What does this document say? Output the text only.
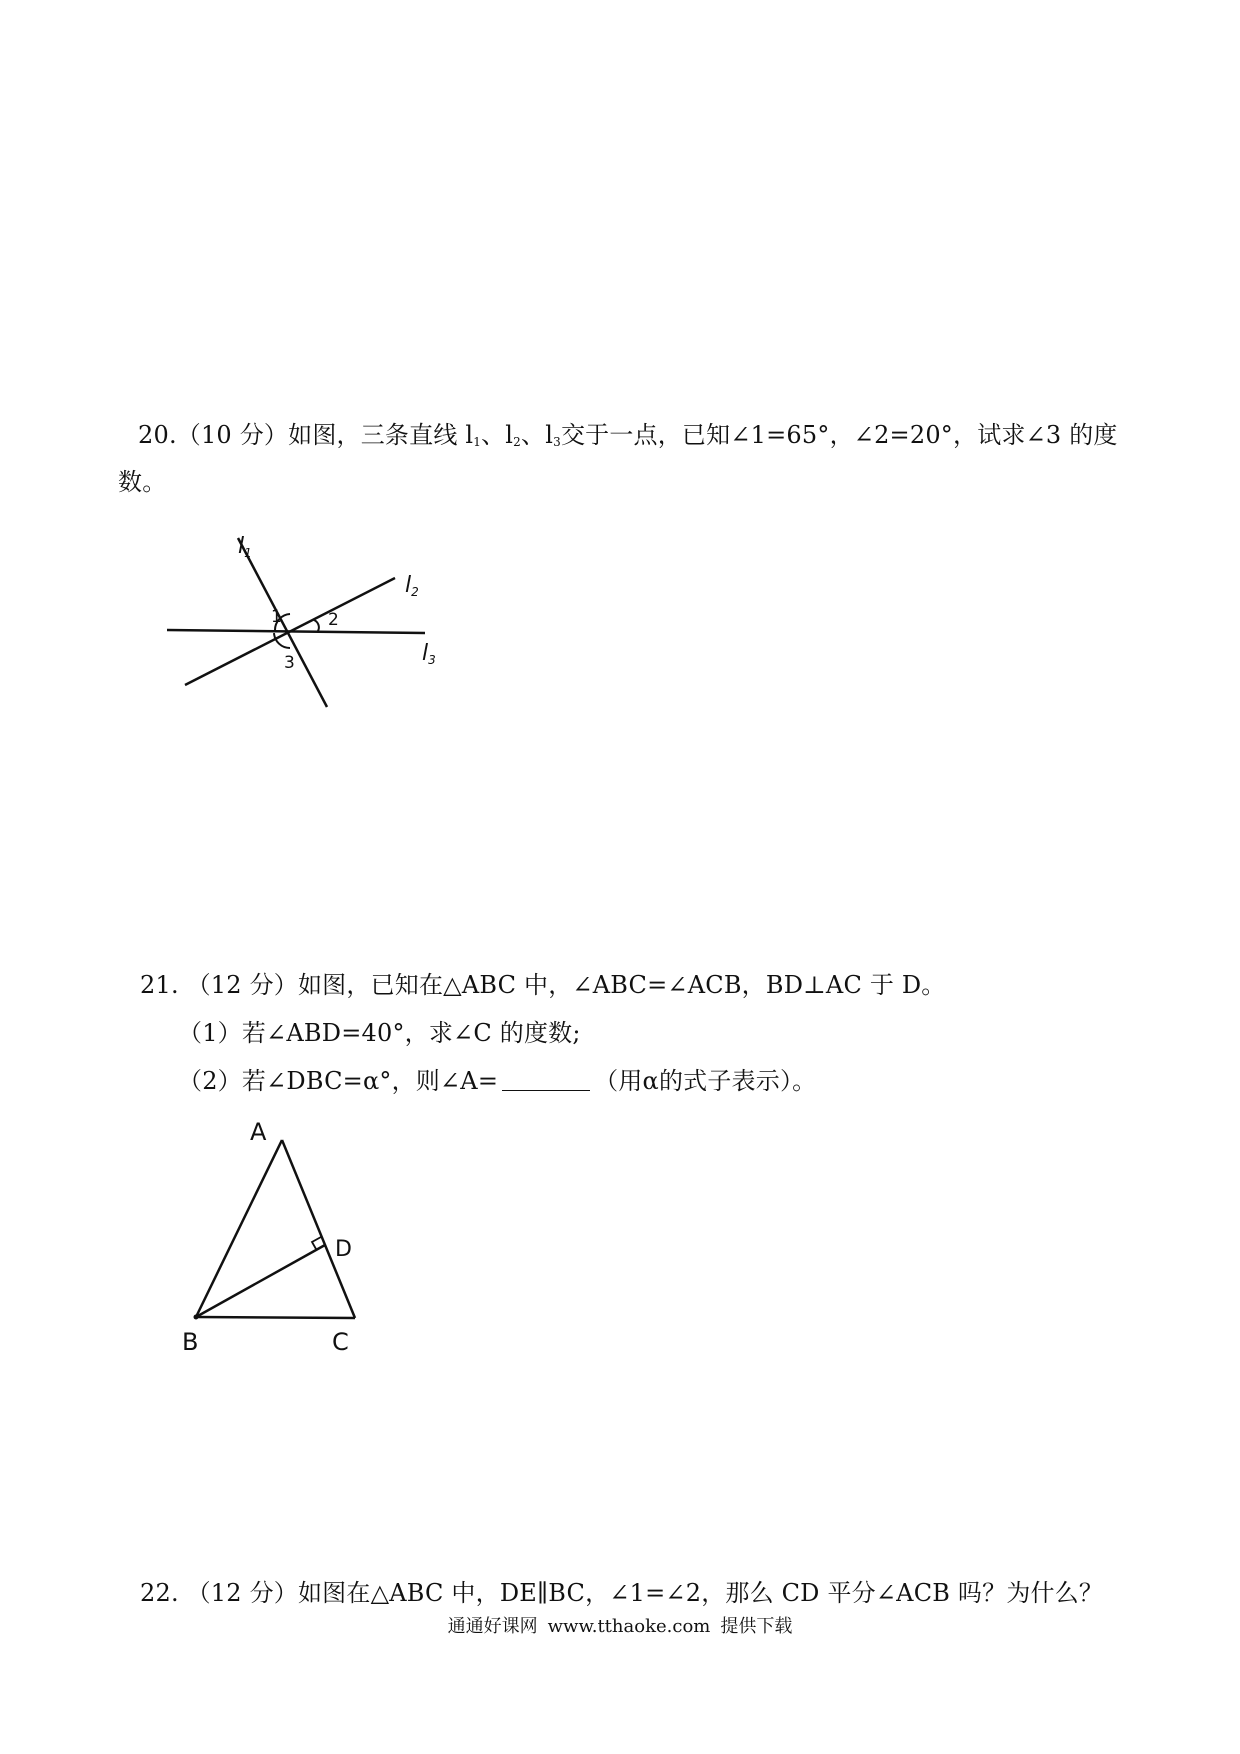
20.（10 分）如图，三条直线 $l_1$、$l_2$、$l_3$交于一点，已知∠1=65°，∠2=20°，试求∠3 的度
数。
l1
l2
l3
1	2
3
21. （12 分）如图，已知在△ABC 中，∠ABC=∠ACB，BD⊥AC 于 D。
（1）若∠ABD=40°，求∠C 的度数;
（2）若∠DBC=α°，则∠A=	（用α的式子表示）。
A
B	C
D
22. （12 分）如图在△ABC 中，DE∥BC，∠1=∠2，那么 CD 平分∠ACB 吗？为什么？
通通好课网 www.tthaoke.com 提供下载
